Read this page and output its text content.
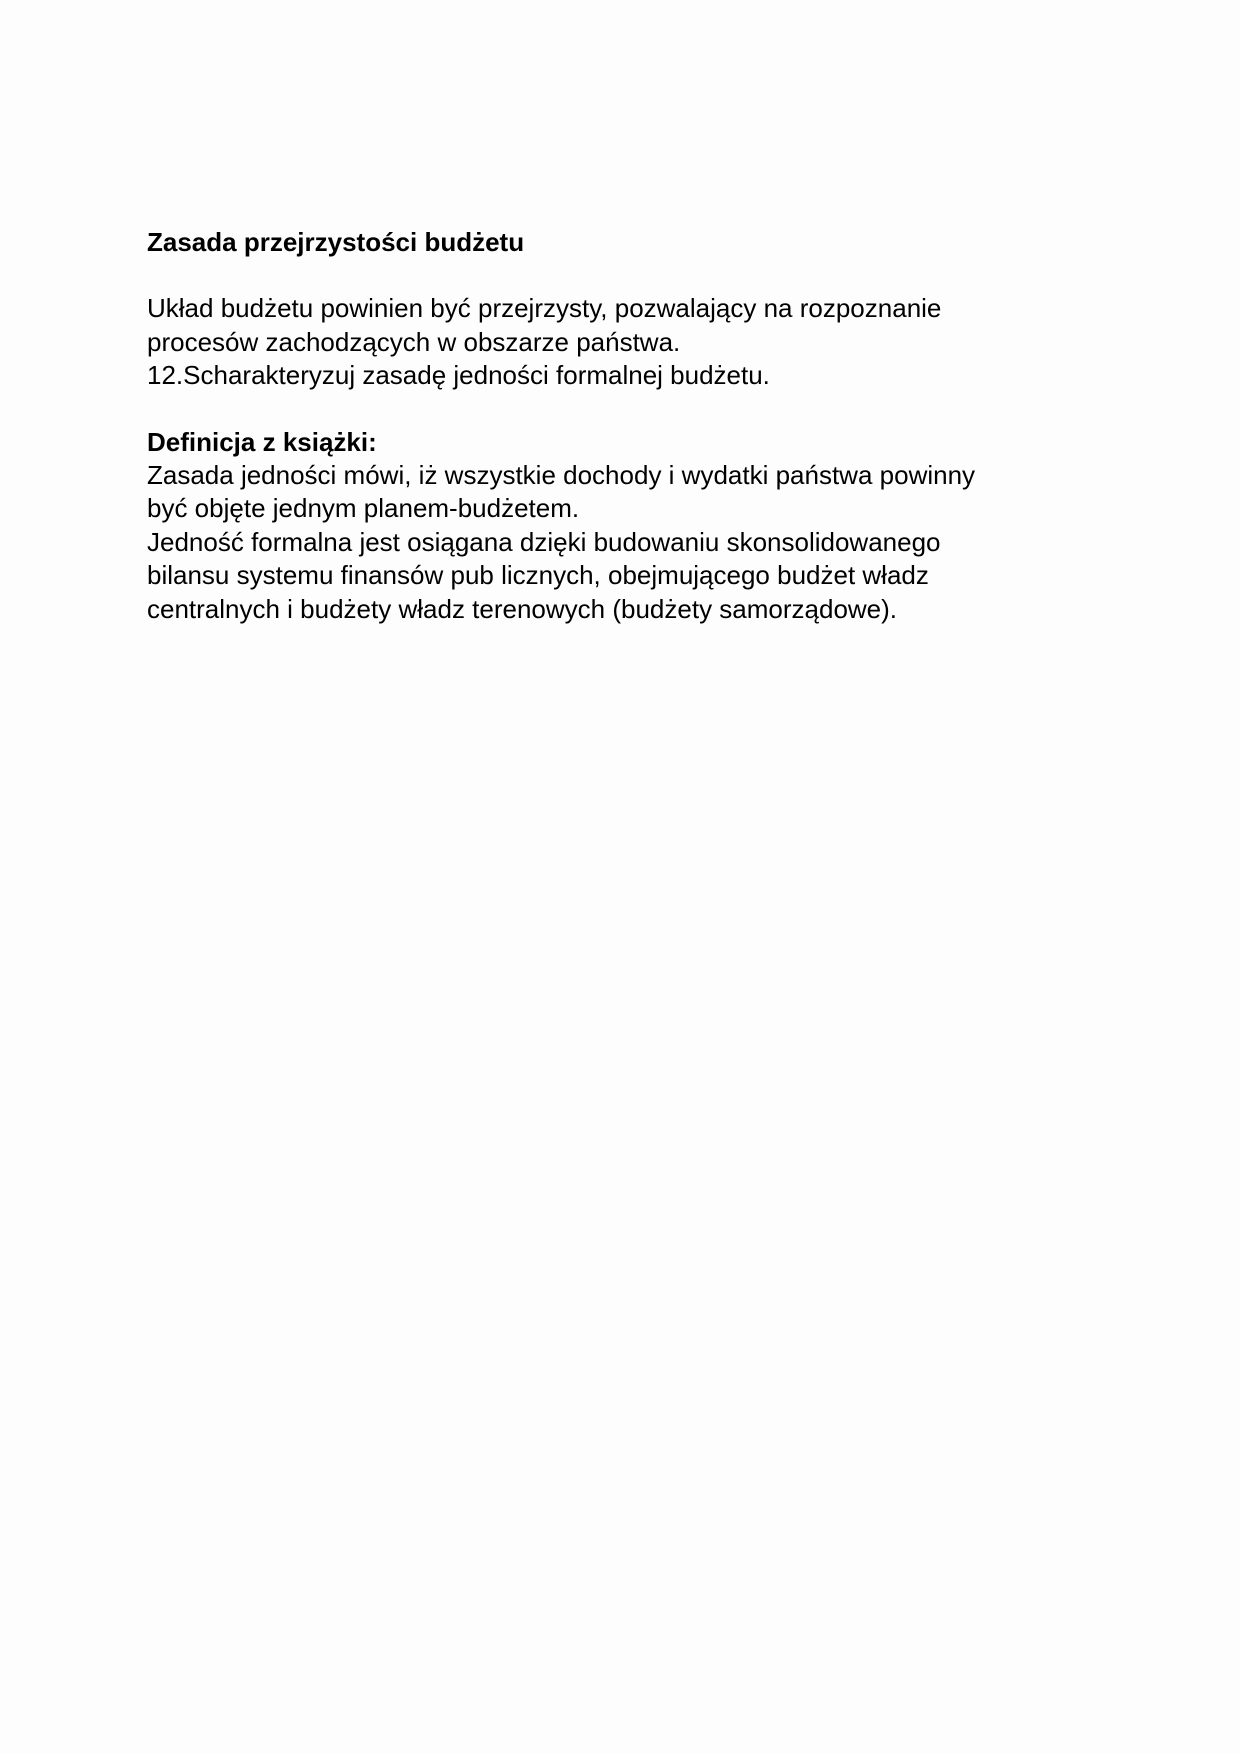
Zasada przejrzystości budżetu

Układ budżetu powinien być przejrzysty, pozwalający na rozpoznanie

procesów zachodzących w obszarze państwa.

12.Scharakteryzuj zasadę jedności formalnej budżetu.

Definicja z książki:

Zasada jedności mówi, iż wszystkie dochody i wydatki państwa powinny

być objęte jednym planem-budżetem.

Jedność formalna jest osiągana dzięki budowaniu skonsolidowanego

bilansu systemu finansów pub licznych, obejmującego budżet władz

centralnych i budżety władz terenowych (budżety samorządowe).
